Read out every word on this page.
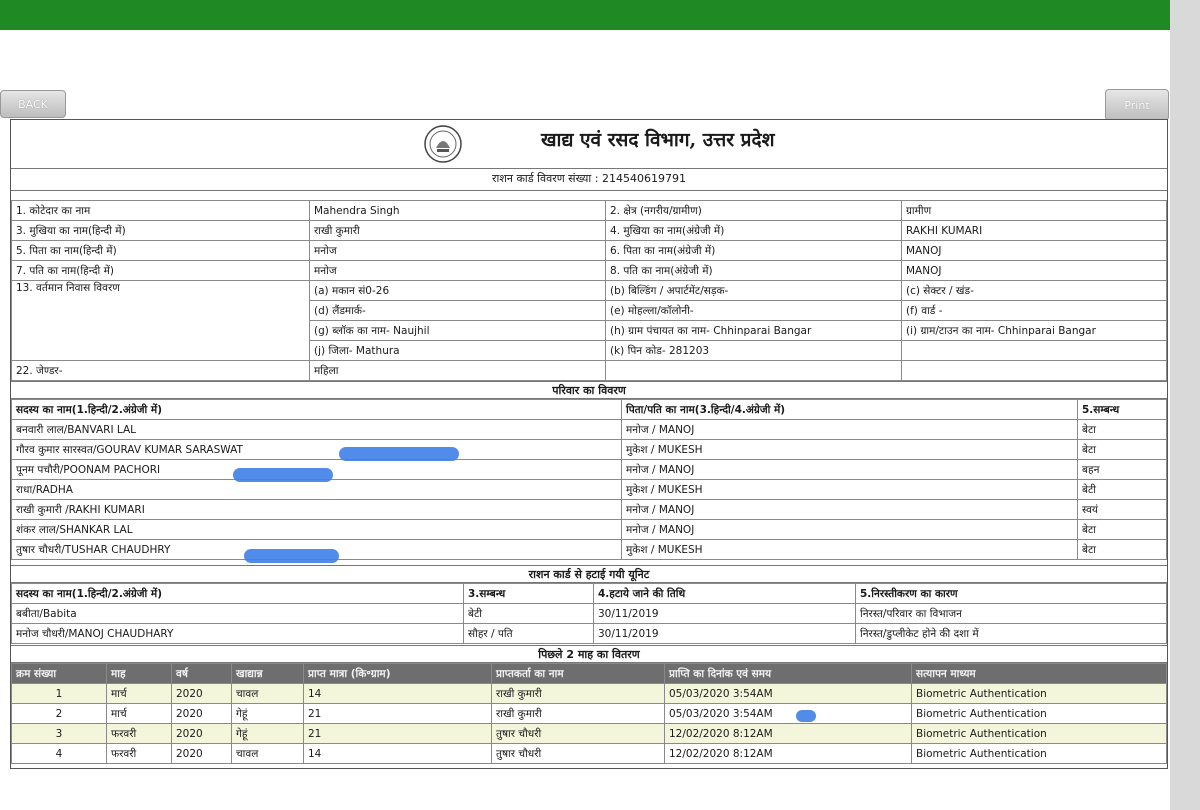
BACK	Print
खाद्य एवं रसद विभाग, उत्तर प्रदेश
राशन कार्ड विवरण संख्या : 214540619791
1. कोटेदार का नाम	Mahendra Singh	2. क्षेत्र (नगरीय/ग्रामीण)	ग्रामीण
3. मुखिया का नाम(हिन्दी में)	राखी कुमारी	4. मुखिया का नाम(अंग्रेजी में)	RAKHI KUMARI
5. पिता का नाम(हिन्दी में)	मनोज	6. पिता का नाम(अंग्रेजी में)	MANOJ
7. पति का नाम(हिन्दी में)	मनोज	8. पति का नाम(अंग्रेजी में)	MANOJ
13. वर्तमान निवास विवरण	(a) मकान सं0-26	(b) बिल्डिंग / अपार्टमेंट/सड़क-	(c) सेक्टर / खंड-
	(d) लैंडमार्क-	(e) मोहल्ला/कॉलोनी-	(f) वार्ड -
	(g) ब्लॉक का नाम- Naujhil	(h) ग्राम पंचायत का नाम- Chhinparai Bangar	(i) ग्राम/टाउन का नाम- Chhinparai Bangar
	(j) जिला- Mathura	(k) पिन कोड- 281203	
22. जेण्डर-	महिला		
परिवार का विवरण
सदस्य का नाम(1.हिन्दी/2.अंग्रेजी में)	पिता/पति का नाम(3.हिन्दी/4.अंग्रेजी में)	5.सम्बन्ध
बनवारी लाल/BANVARI LAL	मनोज / MANOJ	बेटा
गौरव कुमार सारस्वत/GOURAV KUMAR SARASWAT	मुकेश / MUKESH	बेटा
पूनम पचौरी/POONAM PACHORI	मनोज / MANOJ	बहन
राधा/RADHA	मुकेश / MUKESH	बेटी
राखी कुमारी /RAKHI KUMARI	मनोज / MANOJ	स्वयं
शंकर लाल/SHANKAR LAL	मनोज / MANOJ	बेटा
तुषार चौधरी/TUSHAR CHAUDHRY	मुकेश / MUKESH	बेटा
राशन कार्ड से हटाई गयी यूनिट
सदस्य का नाम(1.हिन्दी/2.अंग्रेजी में)	3.सम्बन्ध	4.हटाये जाने की तिथि	5.निरस्तीकरण का कारण
बबीता/Babita	बेटी	30/11/2019	निरस्त/परिवार का विभाजन
मनोज चौधरी/MANOJ CHAUDHARY	सौहर / पति	30/11/2019	निरस्त/डुप्लीकेट होने की दशा में
पिछले 2 माह का वितरण
क्रम संख्या	माह	वर्ष	खाद्यान्न	प्राप्त मात्रा (कि॰ग्राम)	प्राप्तकर्ता का नाम	प्राप्ति का दिनांक एवं समय	सत्यापन माध्यम
1	मार्च	2020	चावल	14	राखी कुमारी	05/03/2020 3:54AM	Biometric Authentication
2	मार्च	2020	गेहूं	21	राखी कुमारी	05/03/2020 3:54AM	Biometric Authentication
3	फरवरी	2020	गेहूं	21	तुषार चौधरी	12/02/2020 8:12AM	Biometric Authentication
4	फरवरी	2020	चावल	14	तुषार चौधरी	12/02/2020 8:12AM	Biometric Authentication
